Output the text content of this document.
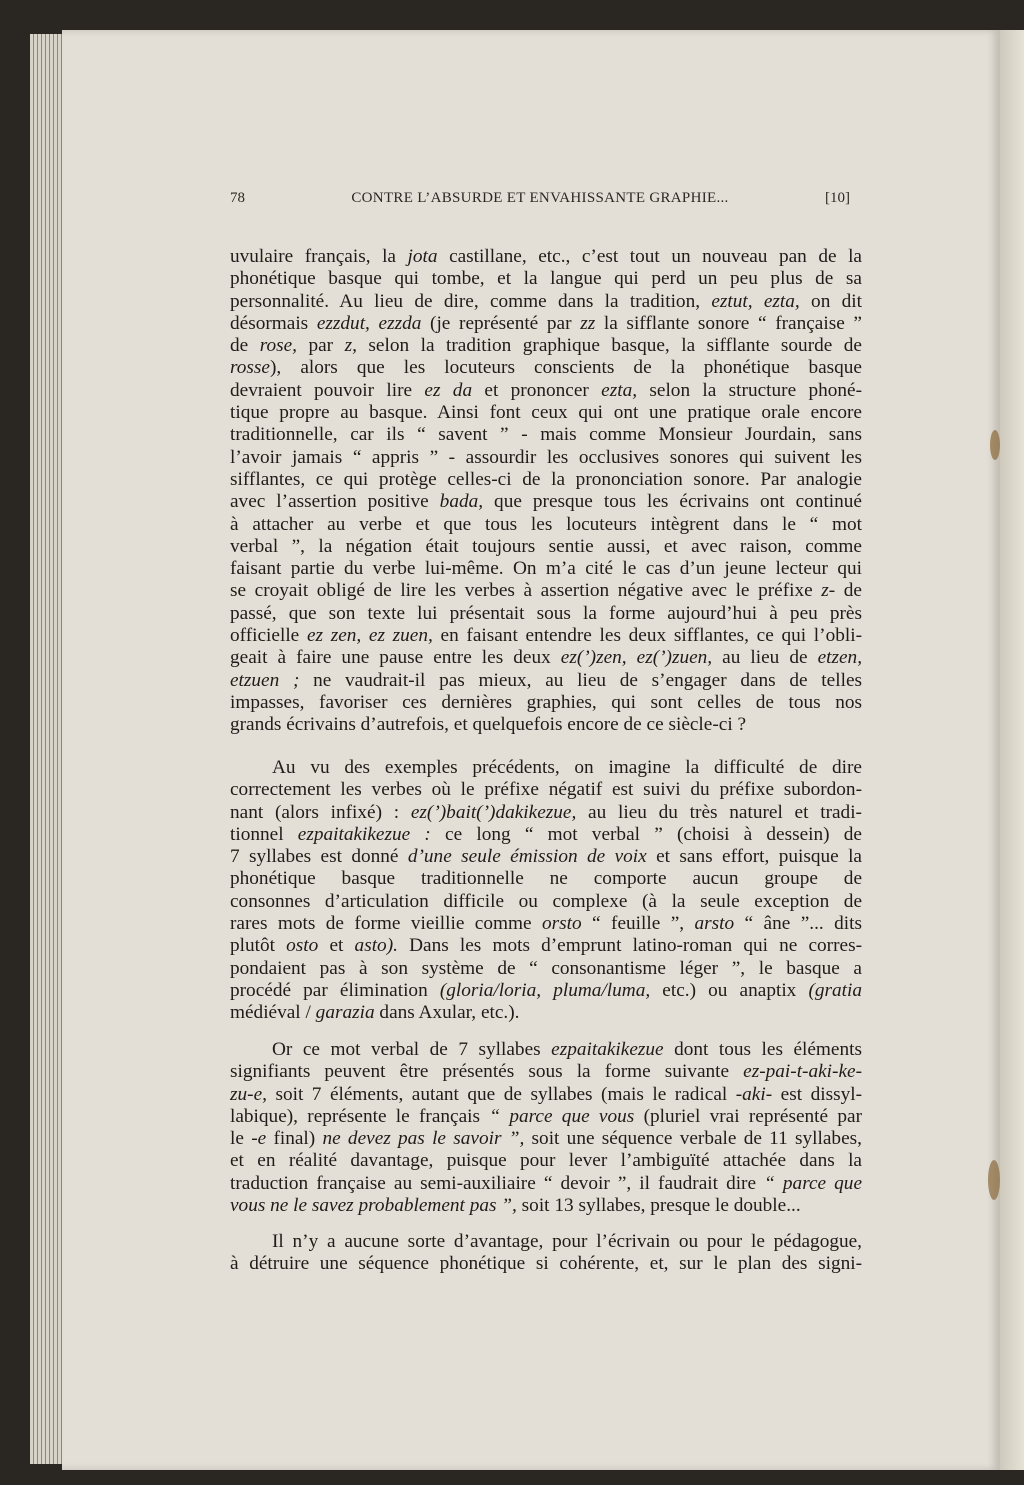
78	CONTRE L’ABSURDE ET ENVAHISSANTE GRAPHIE...	[10]
uvulaire français, la jota castillane, etc., c’est tout un nouveau pan de la
phonétique basque qui tombe, et la langue qui perd un peu plus de sa
personnalité. Au lieu de dire, comme dans la tradition, eztut, ezta, on dit
désormais ezzdut, ezzda (je représenté par zz la sifflante sonore “ française ”
de rose, par z, selon la tradition graphique basque, la sifflante sourde de
rosse), alors que les locuteurs conscients de la phonétique basque
devraient pouvoir lire ez da et prononcer ezta, selon la structure phoné-
tique propre au basque. Ainsi font ceux qui ont une pratique orale encore
traditionnelle, car ils “ savent ” - mais comme Monsieur Jourdain, sans
l’avoir jamais “ appris ” - assourdir les occlusives sonores qui suivent les
sifflantes, ce qui protège celles-ci de la prononciation sonore. Par analogie
avec l’assertion positive bada, que presque tous les écrivains ont continué
à attacher au verbe et que tous les locuteurs intègrent dans le “ mot
verbal ”, la négation était toujours sentie aussi, et avec raison, comme
faisant partie du verbe lui-même. On m’a cité le cas d’un jeune lecteur qui
se croyait obligé de lire les verbes à assertion négative avec le préfixe z- de
passé, que son texte lui présentait sous la forme aujourd’hui à peu près
officielle ez zen, ez zuen, en faisant entendre les deux sifflantes, ce qui l’obli-
geait à faire une pause entre les deux ez(’)zen, ez(’)zuen, au lieu de etzen,
etzuen ; ne vaudrait-il pas mieux, au lieu de s’engager dans de telles
impasses, favoriser ces dernières graphies, qui sont celles de tous nos
grands écrivains d’autrefois, et quelquefois encore de ce siècle-ci ?
Au vu des exemples précédents, on imagine la difficulté de dire
correctement les verbes où le préfixe négatif est suivi du préfixe subordon-
nant (alors infixé) : ez(’)bait(’)dakikezue, au lieu du très naturel et tradi-
tionnel ezpaitakikezue : ce long “ mot verbal ” (choisi à dessein) de
7 syllabes est donné d’une seule émission de voix et sans effort, puisque la
phonétique basque traditionnelle ne comporte aucun groupe de
consonnes d’articulation difficile ou complexe (à la seule exception de
rares mots de forme vieillie comme orsto “ feuille ”, arsto “ âne ”... dits
plutôt osto et asto). Dans les mots d’emprunt latino-roman qui ne corres-
pondaient pas à son système de “ consonantisme léger ”, le basque a
procédé par élimination (gloria/loria, pluma/luma, etc.) ou anaptix (gratia
médiéval / garazia dans Axular, etc.).
Or ce mot verbal de 7 syllabes ezpaitakikezue dont tous les éléments
signifiants peuvent être présentés sous la forme suivante ez-pai-t-aki-ke-
zu-e, soit 7 éléments, autant que de syllabes (mais le radical -aki- est dissyl-
labique), représente le français “ parce que vous (pluriel vrai représenté par
le -e final) ne devez pas le savoir ”, soit une séquence verbale de 11 syllabes,
et en réalité davantage, puisque pour lever l’ambiguïté attachée dans la
traduction française au semi-auxiliaire “ devoir ”, il faudrait dire “ parce que
vous ne le savez probablement pas ”, soit 13 syllabes, presque le double...
Il n’y a aucune sorte d’avantage, pour l’écrivain ou pour le pédagogue,
à détruire une séquence phonétique si cohérente, et, sur le plan des signi-
